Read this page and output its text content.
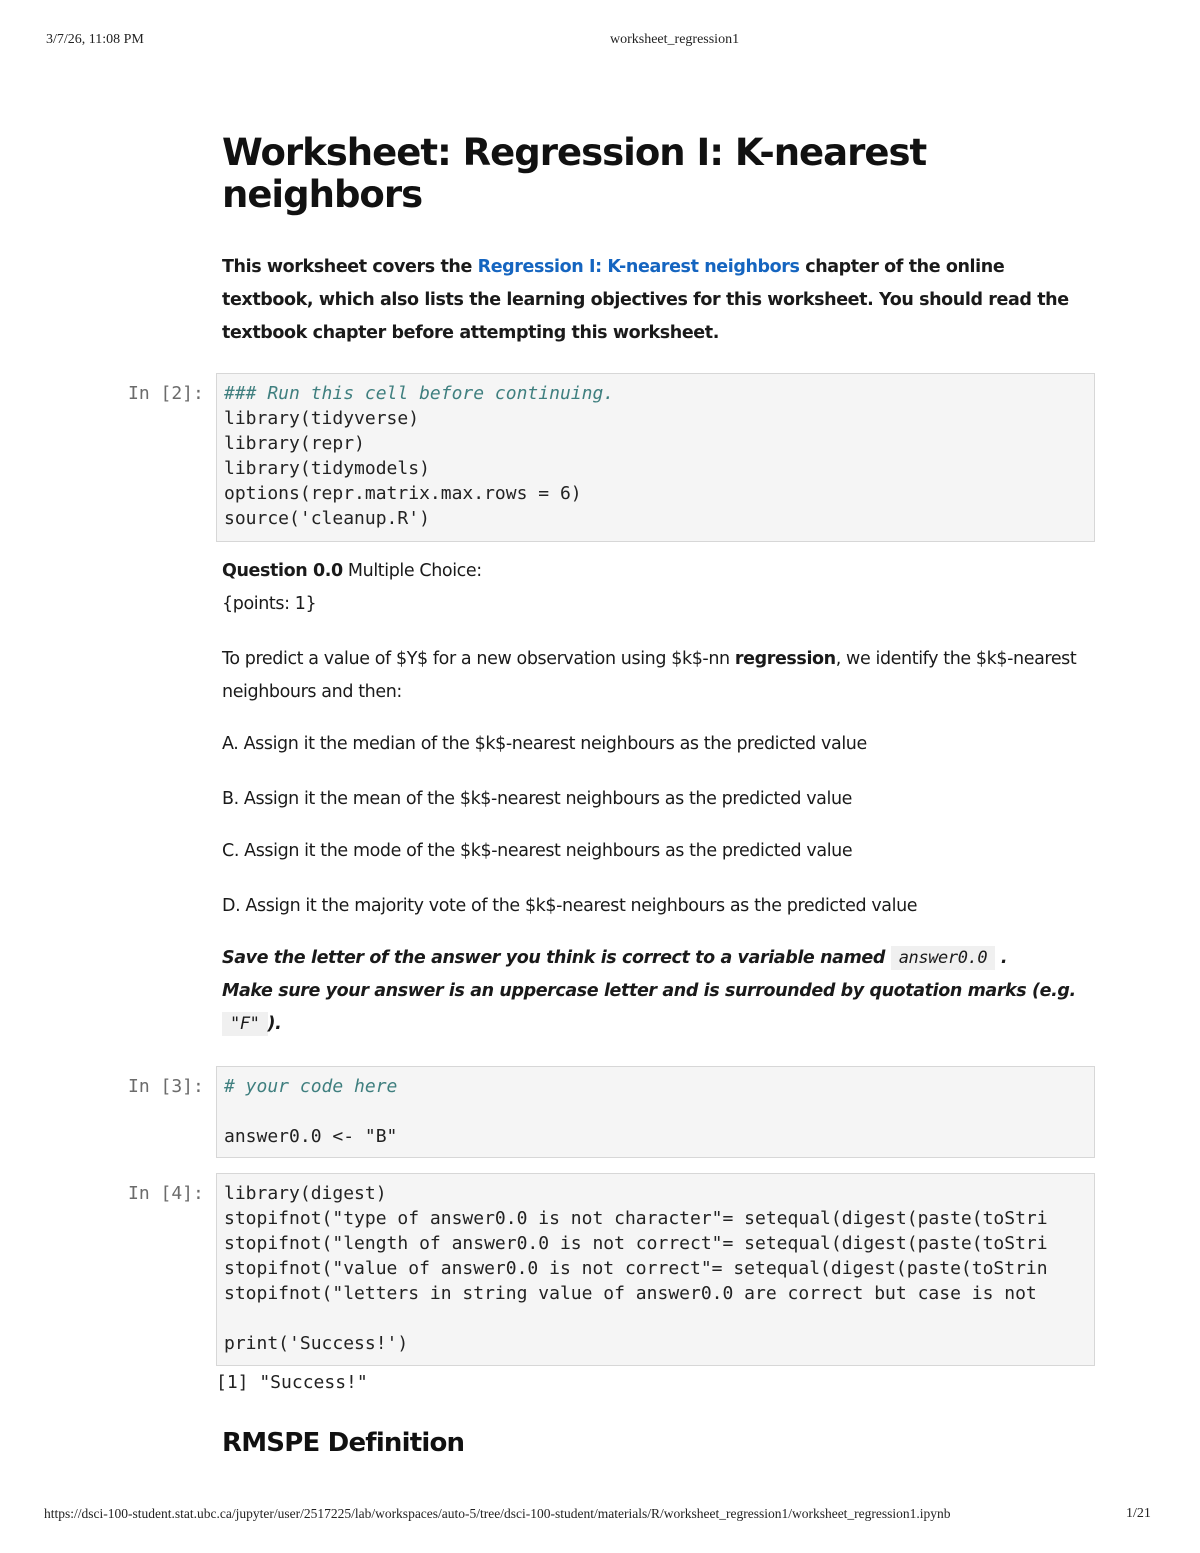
3/7/26, 11:08 PM	worksheet_regression1
Worksheet: Regression I: K-nearest neighbors

This worksheet covers the Regression I: K-nearest neighbors chapter of the online textbook, which also lists the learning objectives for this worksheet. You should read the textbook chapter before attempting this worksheet.

In [2]:	### Run this cell before continuing.
library(tidyverse)
library(repr)
library(tidymodels)
options(repr.matrix.max.rows = 6)
source('cleanup.R')

Question 0.0 Multiple Choice:
{points: 1}

To predict a value of $Y$ for a new observation using $k$-nn regression, we identify the $k$-nearest neighbours and then:

A. Assign it the median of the $k$-nearest neighbours as the predicted value

B. Assign it the mean of the $k$-nearest neighbours as the predicted value

C. Assign it the mode of the $k$-nearest neighbours as the predicted value

D. Assign it the majority vote of the $k$-nearest neighbours as the predicted value

Save the letter of the answer you think is correct to a variable named answer0.0 .
Make sure your answer is an uppercase letter and is surrounded by quotation marks (e.g.
"F" ).

In [3]:	# your code here

answer0.0 <- "B"
In [4]:	library(digest)
stopifnot("type of answer0.0 is not character"= setequal(digest(paste(toStri
stopifnot("length of answer0.0 is not correct"= setequal(digest(paste(toStri
stopifnot("value of answer0.0 is not correct"= setequal(digest(paste(toStrin
stopifnot("letters in string value of answer0.0 are correct but case is not

print('Success!')
[1] "Success!"
RMSPE Definition
https://dsci-100-student.stat.ubc.ca/jupyter/user/2517225/lab/workspaces/auto-5/tree/dsci-100-student/materials/R/worksheet_regression1/worksheet_regression1.ipynb	1/21
